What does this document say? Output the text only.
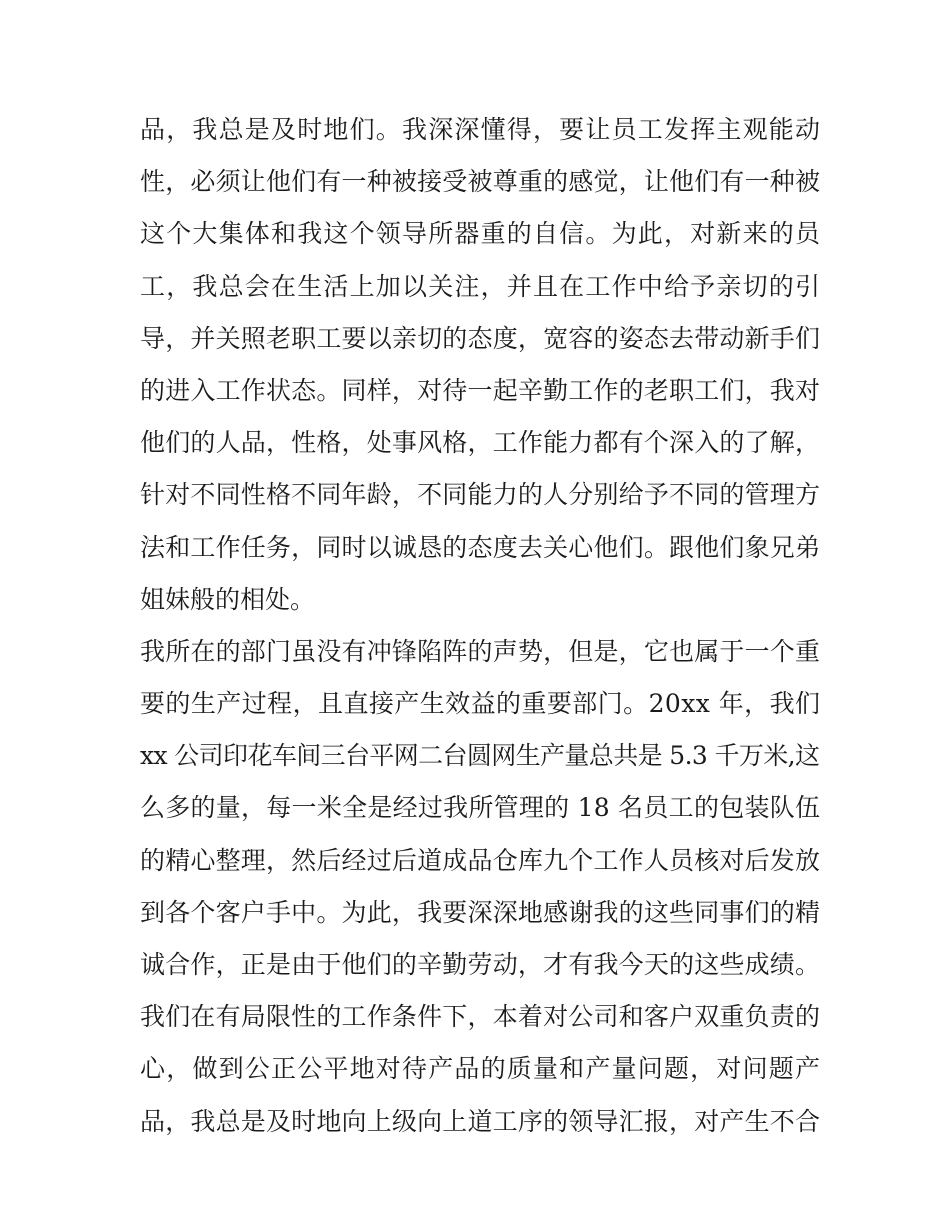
品，我总是及时地们。我深深懂得，要让员工发挥主观能动
性，必须让他们有一种被接受被尊重的感觉，让他们有一种被
这个大集体和我这个领导所器重的自信。为此，对新来的员
工，我总会在生活上加以关注，并且在工作中给予亲切的引
导，并关照老职工要以亲切的态度，宽容的姿态去带动新手们
的进入工作状态。同样，对待一起辛勤工作的老职工们，我对
他们的人品，性格，处事风格，工作能力都有个深入的了解，
针对不同性格不同年龄，不同能力的人分别给予不同的管理方
法和工作任务，同时以诚恳的态度去关心他们。跟他们象兄弟
姐妹般的相处。
我所在的部门虽没有冲锋陷阵的声势，但是，它也属于一个重
要的生产过程，且直接产生效益的重要部门。20xx 年，我们
xx 公司印花车间三台平网二台圆网生产量总共是 5.3 千万米,这
么多的量，每一米全是经过我所管理的 18 名员工的包装队伍
的精心整理，然后经过后道成品仓库九个工作人员核对后发放
到各个客户手中。为此，我要深深地感谢我的这些同事们的精
诚合作，正是由于他们的辛勤劳动，才有我今天的这些成绩。
我们在有局限性的工作条件下，本着对公司和客户双重负责的
心，做到公正公平地对待产品的质量和产量问题，对问题产
品，我总是及时地向上级向上道工序的领导汇报，对产生不合
